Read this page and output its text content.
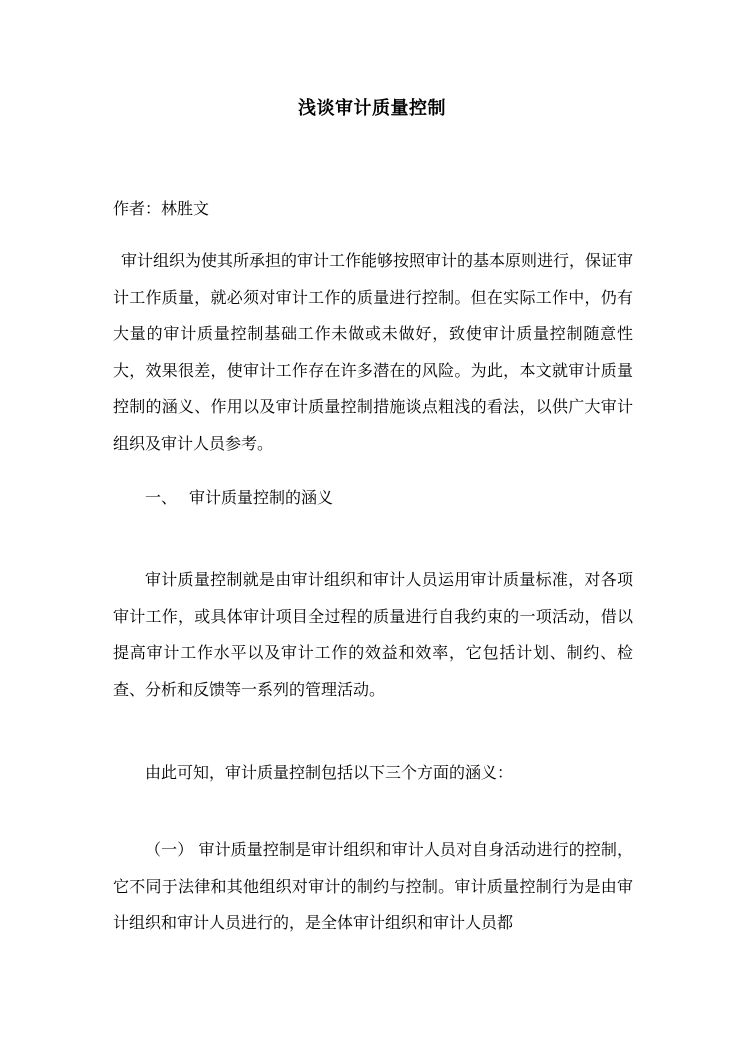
浅谈审计质量控制
作者：林胜文
审计组织为使其所承担的审计工作能够按照审计的基本原则进行，保证审计工作质量，就必须对审计工作的质量进行控制。但在实际工作中，仍有大量的审计质量控制基础工作未做或未做好，致使审计质量控制随意性大，效果很差，使审计工作存在许多潜在的风险。为此，本文就审计质量控制的涵义、作用以及审计质量控制措施谈点粗浅的看法，以供广大审计组织及审计人员参考。
一、 审计质量控制的涵义
审计质量控制就是由审计组织和审计人员运用审计质量标准，对各项审计工作，或具体审计项目全过程的质量进行自我约束的一项活动，借以提高审计工作水平以及审计工作的效益和效率，它包括计划、制约、检查、分析和反馈等一系列的管理活动。
由此可知，审计质量控制包括以下三个方面的涵义：
（一） 审计质量控制是审计组织和审计人员对自身活动进行的控制，它不同于法律和其他组织对审计的制约与控制。审计质量控制行为是由审计组织和审计人员进行的，是全体审计组织和审计人员都
